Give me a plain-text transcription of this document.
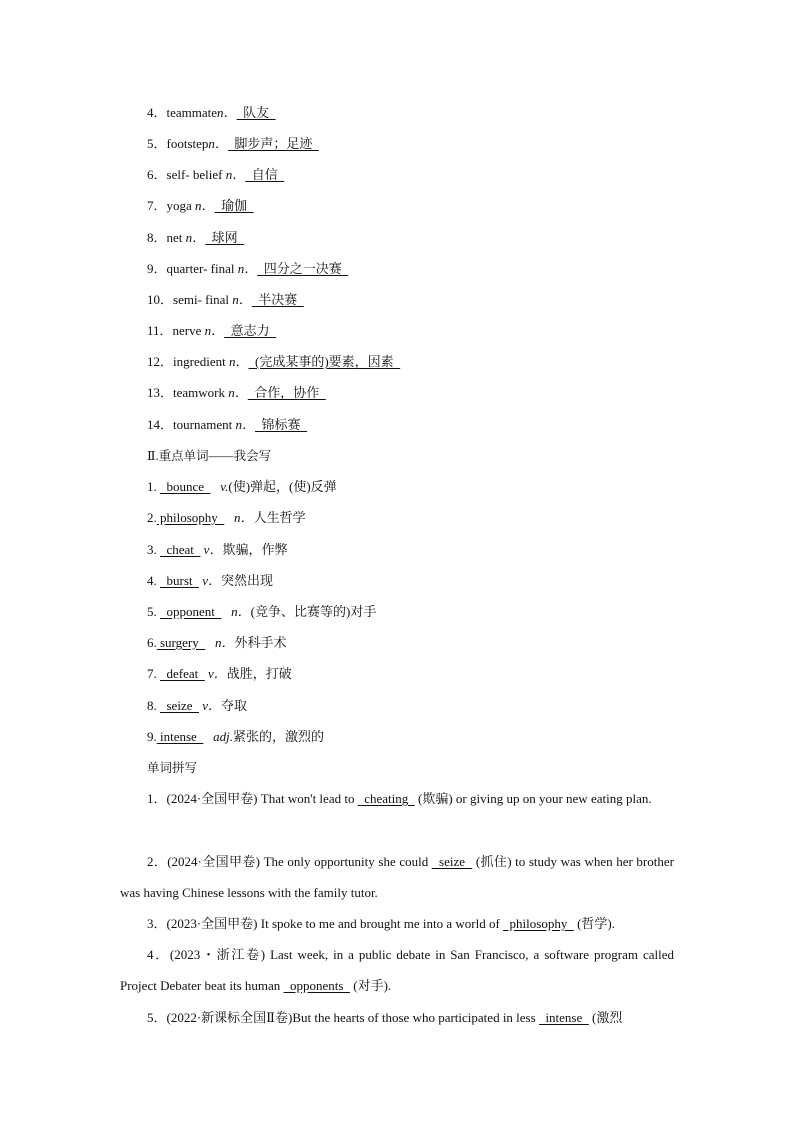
4．teammaten．  队友
5．footstepn．  脚步声；足迹
6．self- belief n．  自信
7．yoga n．  瑜伽
8．net n．  球网
9．quarter- final n．  四分之一决赛
10．semi- final n．  半决赛
11．nerve n．  意志力
12．ingredient n．  (完成某事的)要素，因素
13．teamwork n．  合作，协作
14．tournament n．  锦标赛
Ⅱ.重点单词——我会写
1.   bounce     v.(使)弹起，(使)反弹
2. philosophy     n．人生哲学
3.   cheat   v．欺骗，作弊
4.   burst   v．突然出现
5.   opponent     n．(竞争、比赛等的)对手
6. surgery     n．外科手术
7.   defeat   v．战胜，打破
8.   seize   v．夺取
9. intense     adj.紧张的，激烈的
单词拼写
1．(2024·全国甲卷) That won't lead to   cheating   (欺骗) or giving up on your new eating plan.
2．(2024·全国甲卷) The only opportunity she could   seize   (抓住) to study was when her brother was having Chinese lessons with the family tutor.
3．(2023·全国甲卷) It spoke to me and brought me into a world of   philosophy   (哲学).
4．(2023・浙江卷) Last week, in a public debate in San Francisco, a software program called Project Debater beat its human   opponents   (对手).
5．(2022·新课标全国Ⅱ卷)But the hearts of those who participated in less   intense   (激烈
